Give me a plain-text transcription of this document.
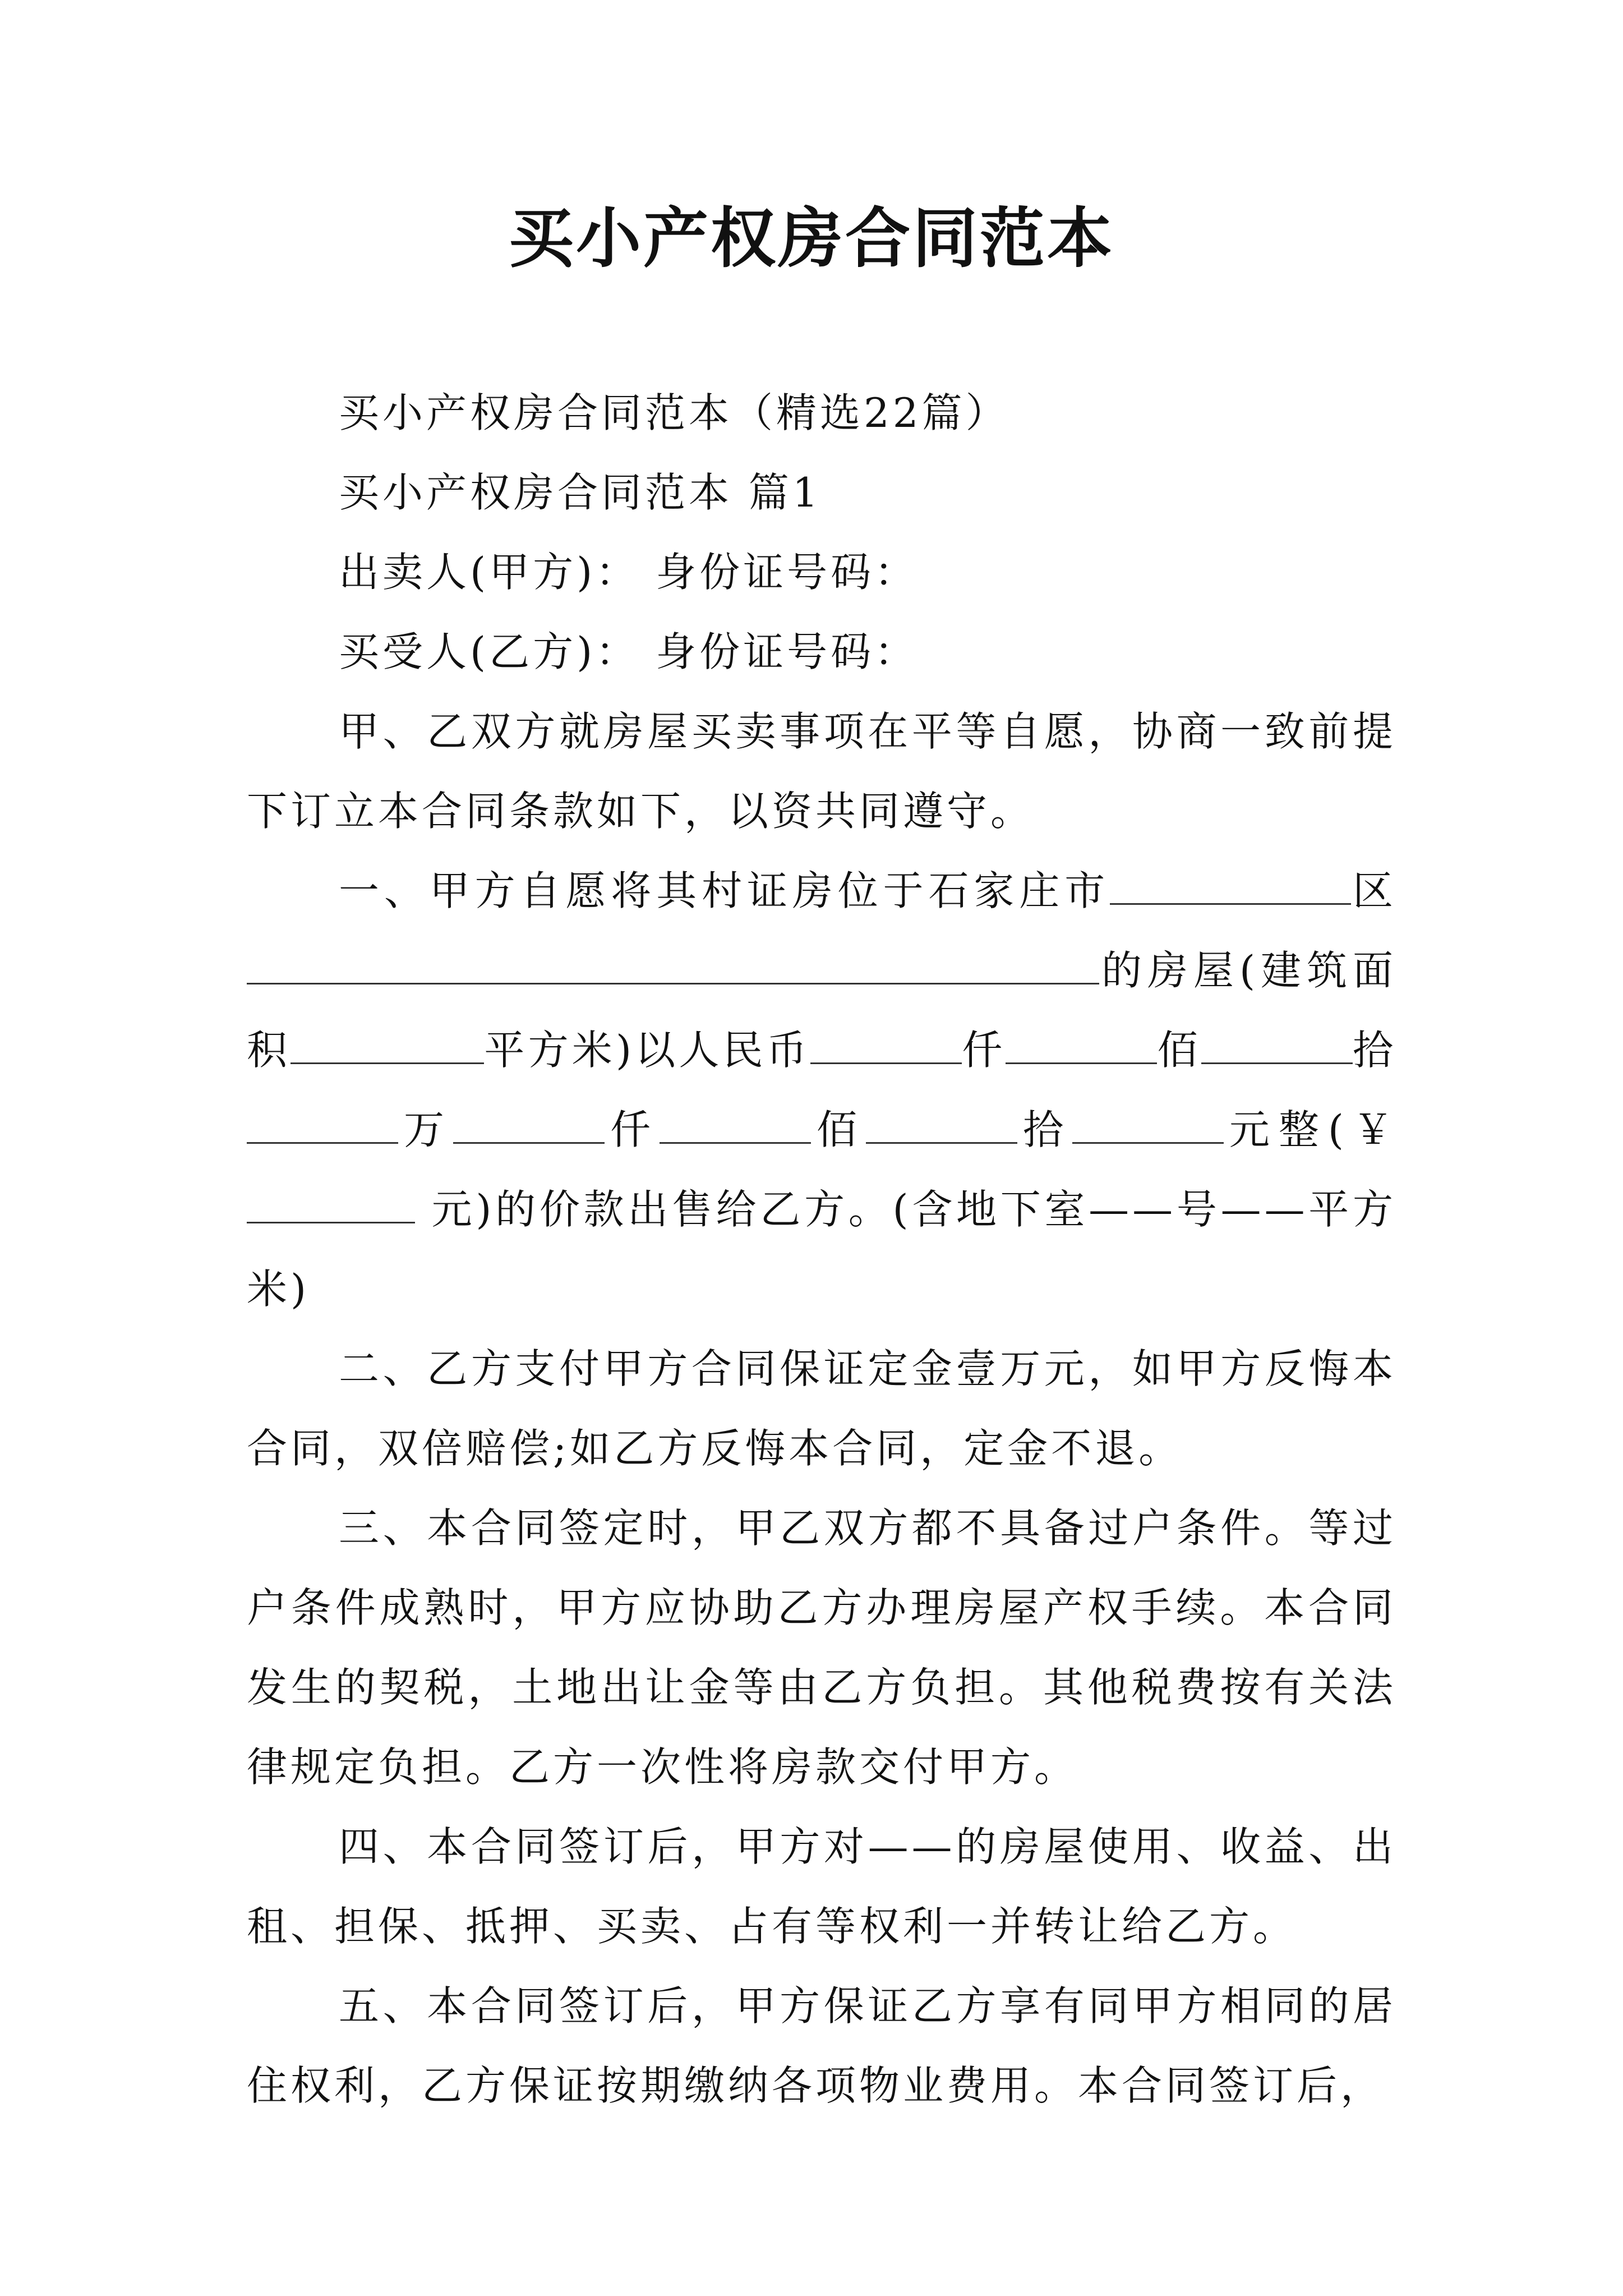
买小产权房合同范本

买小产权房合同范本（精选22篇）

买小产权房合同范本 篇1

出卖人(甲方)： 身份证号码：

买受人(乙方)： 身份证号码：

甲、乙双方就房屋买卖事项在平等自愿，协商一致前提下订立本合同条款如下，以资共同遵守。

一、甲方自愿将其村证房位于石家庄市	区的房屋(建筑面积	平方米)以人民币	仟	佰	拾万	仟	佰	拾	元整(￥ 元)的价款出售给乙方。(含地下室——号——平方米)

二、乙方支付甲方合同保证定金壹万元，如甲方反悔本合同，双倍赔偿;如乙方反悔本合同，定金不退。

三、本合同签定时，甲乙双方都不具备过户条件。等过户条件成熟时，甲方应协助乙方办理房屋产权手续。本合同发生的契税，土地出让金等由乙方负担。其他税费按有关法律规定负担。乙方一次性将房款交付甲方。

四、本合同签订后，甲方对——的房屋使用、收益、出租、担保、抵押、买卖、占有等权利一并转让给乙方。

五、本合同签订后，甲方保证乙方享有同甲方相同的居住权利，乙方保证按期缴纳各项物业费用。本合同签订后，
